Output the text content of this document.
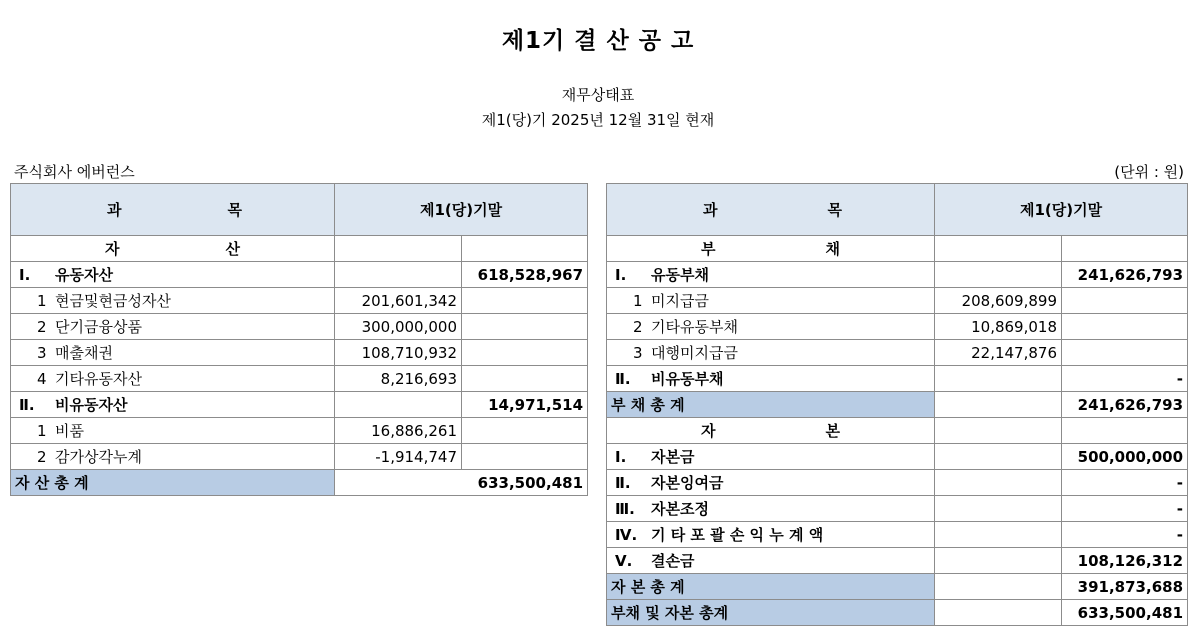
제1기 결 산 공 고
재무상태표
제1(당)기 2025년 12월 31일 현재
주식회사 에버런스	(단위 : 원)
과 목	제1(당)기말	

자 산		

Ⅰ. 유동자산		618,528,967
1 현금및현금성자산	201,601,342	
2 단기금융상품	300,000,000	
3 매출채권	108,710,932	
4 기타유동자산	8,216,693	
Ⅱ. 비유동자산		14,971,514
1 비품	16,886,261	
2 감가상각누계	-1,914,747	
자 산 총 계	633,500,481	
과 목	제1(당)기말	

부 채		

Ⅰ. 유동부채		241,626,793
1 미지급금	208,609,899	
2 기타유동부채	10,869,018	
3 대행미지급금	22,147,876	
Ⅱ. 비유동부채		-
부 채 총 계		241,626,793

자 본		

Ⅰ. 자본금		500,000,000
Ⅱ. 자본잉여금		-
Ⅲ. 자본조정		-
Ⅳ. 기 타 포 괄 손 익 누 계 액		-
Ⅴ. 결손금		108,126,312
자 본 총 계		391,873,688
부채 및 자본 총계		633,500,481
